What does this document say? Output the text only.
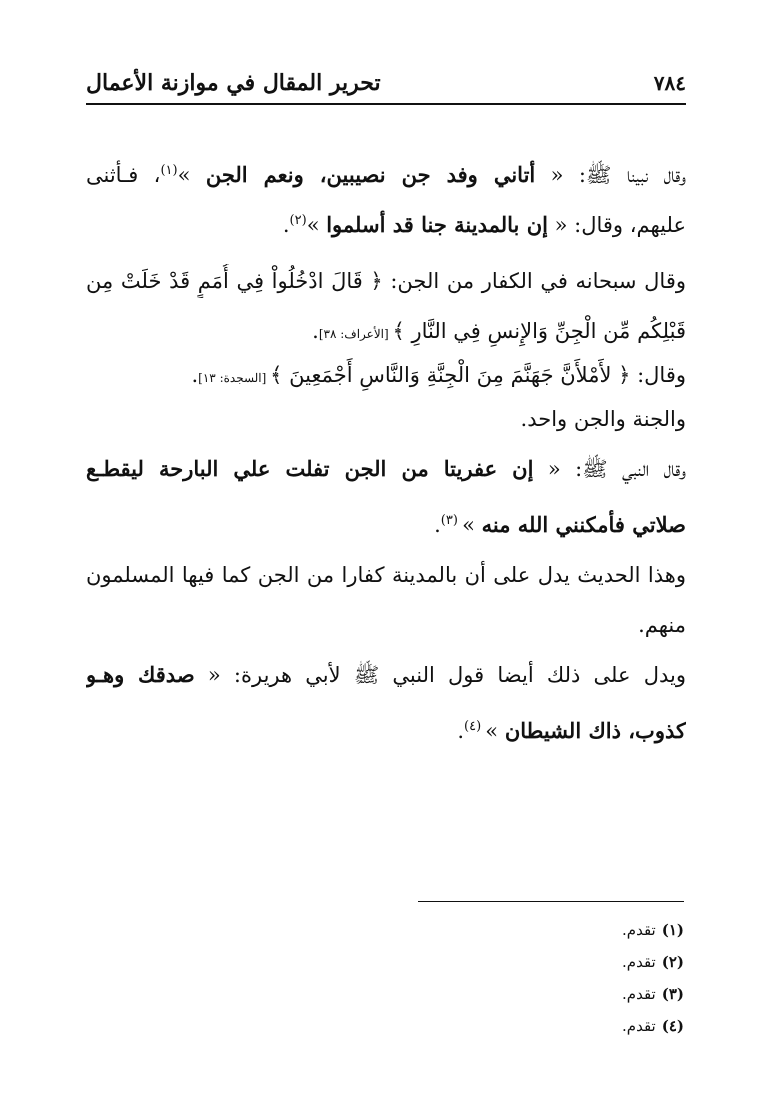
تحرير المقال في موازنة الأعمال	٧٨٤
وقال نبينا ﷺ: « أتاني وفد جن نصيبين، ونعم الجن »$^{(١)}$، فـأثنى
عليهم، وقال: « إن بالمدينة جنا قد أسلموا »$^{(٢)}$.
وقال سبحانه في الكفار من الجن: ﴿ قَالَ ادْخُلُواْ فِي أُمَمٍ قَدْ خَلَتْ مِن
قَبْلِكُم مِّن الْجِنِّ وَالإِنسِ فِي النَّارِ ﴾ [الأعراف: ٣٨].
وقال: ﴿ لأَمْلأَنَّ جَهَنَّمَ مِنَ الْجِنَّةِ وَالنَّاسِ أَجْمَعِينَ ﴾ [السجدة: ١٣].
والجنة والجن واحد.
وقال النبي ﷺ: « إن عفريتا من الجن تفلت علي البارحة ليقطـع
صلاتي فأمكنني الله منه » $^{(٣)}$.
وهذا الحديث يدل على أن بالمدينة كفارا من الجن كما فيها المسلمون
منهم.
ويدل على ذلك أيضا قول النبي ﷺ لأبي هريرة: « صدقك وهـو
كذوب، ذاك الشيطان » $^{(٤)}$.
(١)تقدم.
(٢)تقدم.
(٣)تقدم.
(٤)تقدم.
